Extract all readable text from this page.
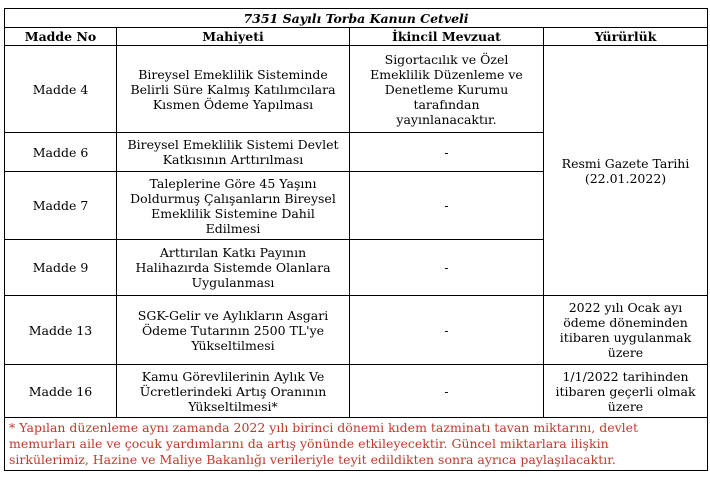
7351 Sayılı Torba Kanun Cetveli			
Madde No	Mahiyeti	İkincil Mevzuat	Yürürlük
Madde 4	Bireysel Emeklilik Sisteminde
Belirli Süre Kalmış Katılımcılara
Kısmen Ödeme Yapılması	Sigortacılık ve Özel
Emeklilik Düzenleme ve
Denetleme Kurumu
tarafından
yayınlanacaktır.	Resmi Gazete Tarihi
(22.01.2022)

Madde 6	Bireysel Emeklilik Sistemi Devlet
Katkısının Arttırılması	-	
Madde 7	Taleplerine Göre 45 Yaşını
Doldurmuş Çalışanların Bireysel
Emeklilik Sistemine Dahil
Edilmesi	-	
Madde 9	Arttırılan Katkı Payının
Halihazırda Sistemde Olanlara
Uygulanması	-	
Madde 13	SGK-Gelir ve Aylıkların Asgari
Ödeme Tutarının 2500 TL'ye
Yükseltilmesi	-	2022 yılı Ocak ayı
ödeme döneminden
itibaren uygulanmak
üzere

Madde 16	Kamu Görevlilerinin Aylık Ve
Ücretlerindeki Artış Oranının
Yükseltilmesi*	-	1/1/2022 tarihinden
itibaren geçerli olmak
üzere

* Yapılan düzenleme aynı zamanda 2022 yılı birinci dönemi kıdem tazminatı tavan miktarını, devlet
memurları aile ve çocuk yardımlarını da artış yönünde etkileyecektir. Güncel miktarlara ilişkin
sirkülerimiz, Hazine ve Maliye Bakanlığı verileriyle teyit edildikten sonra ayrıca paylaşılacaktır.			
